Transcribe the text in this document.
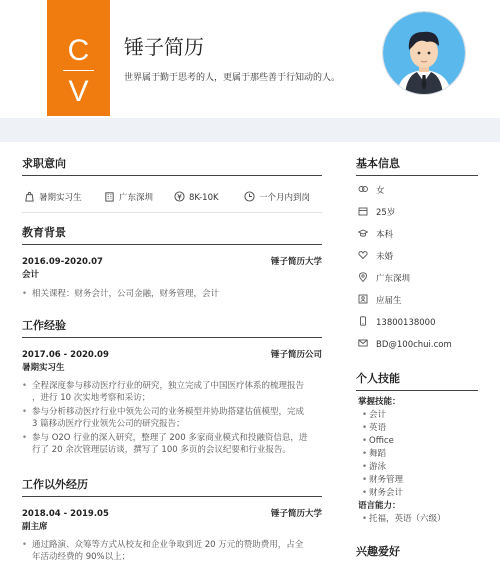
C
V
锤子简历
世界属于勤于思考的人，更属于那些善于行知动的人。
求职意向
暑期实习生	广东深圳	8K-10K	一个月内到岗
教育背景
2016.09-2020.07	锤子简历大学
会计
• 相关课程：财务会计，公司金融，财务管理，会计
工作经验
2017.06 - 2020.09	锤子简历公司
暑期实习生
• 全程深度参与移动医疗行业的研究，独立完成了中国医疗体系的梳理报告
，进行 10 次实地考察和采访；
• 参与分析移动医疗行业中领先公司的业务模型并协助搭建估值模型，完成
3 篇移动医疗行业领先公司的研究报告；
• 参与 O2O 行业的深入研究，整理了 200 多家商业模式和投融资信息，进
行了 20 余次管理层访谈，撰写了 100 多页的会议纪要和行业报告。
工作以外经历
2018.04 - 2019.05	锤子简历大学
副主席
• 通过路演、众筹等方式从校友和企业争取到近 20 万元的赞助费用，占全
年活动经费的 90%以上；
基本信息
女
25岁
本科
未婚
广东深圳
应届生
13800138000
BD@100chui.com
个人技能
掌握技能：
• 会计
• 英语
• Office
• 舞蹈
• 游泳
• 财务管理
• 财务会计
语言能力：
• 托福，英语（六级）
兴趣爱好
